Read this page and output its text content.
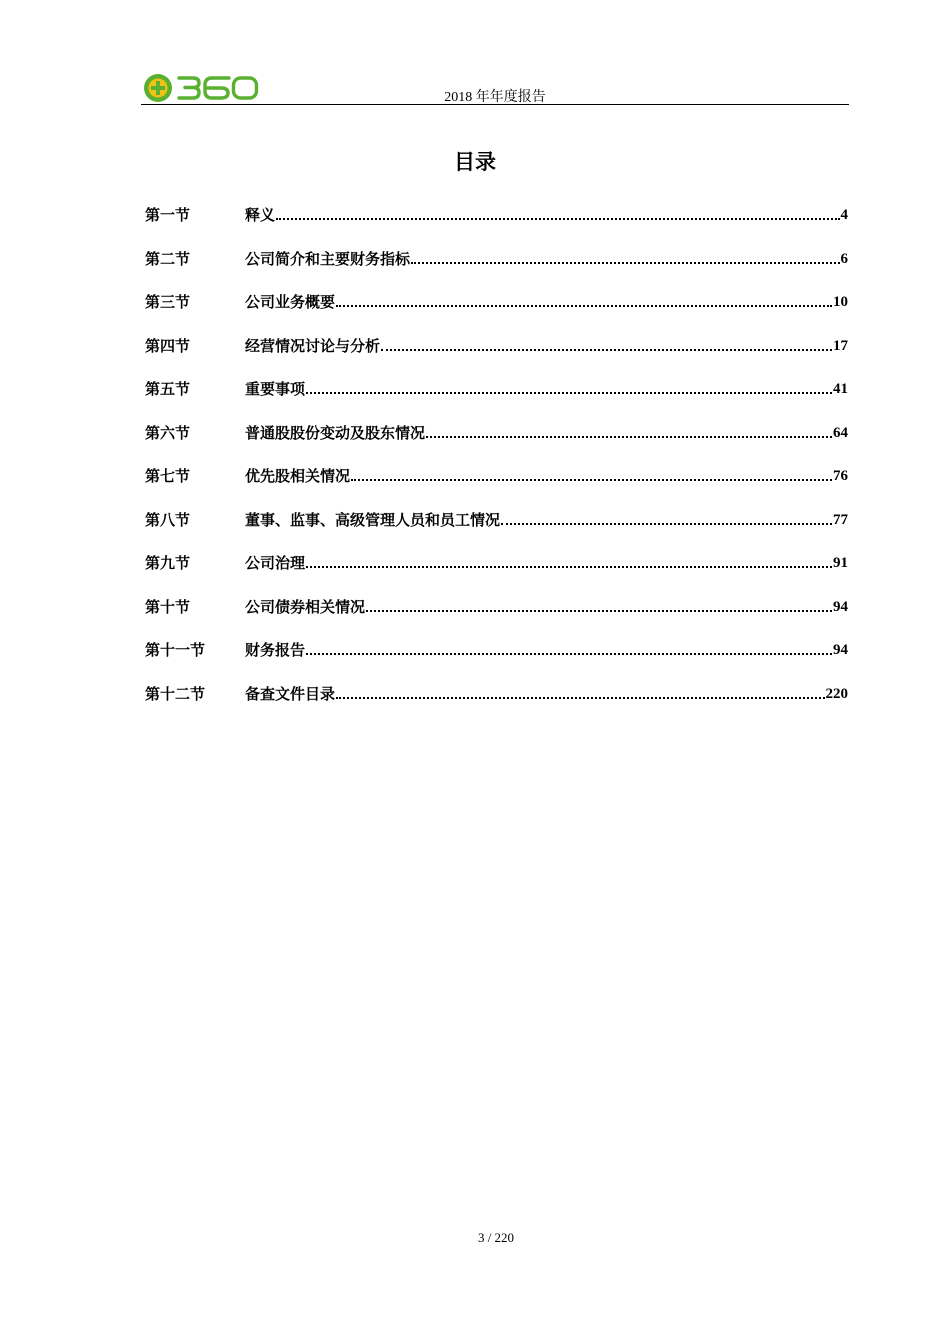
2018 年年度报告
目录
第一节	释义	4
第二节	公司简介和主要财务指标	6
第三节	公司业务概要	10
第四节	经营情况讨论与分析	17
第五节	重要事项	41
第六节	普通股股份变动及股东情况	64
第七节	优先股相关情况	76
第八节	董事、监事、高级管理人员和员工情况	77
第九节	公司治理	91
第十节	公司债券相关情况	94
第十一节	财务报告	94
第十二节	备查文件目录	220
3 / 220
